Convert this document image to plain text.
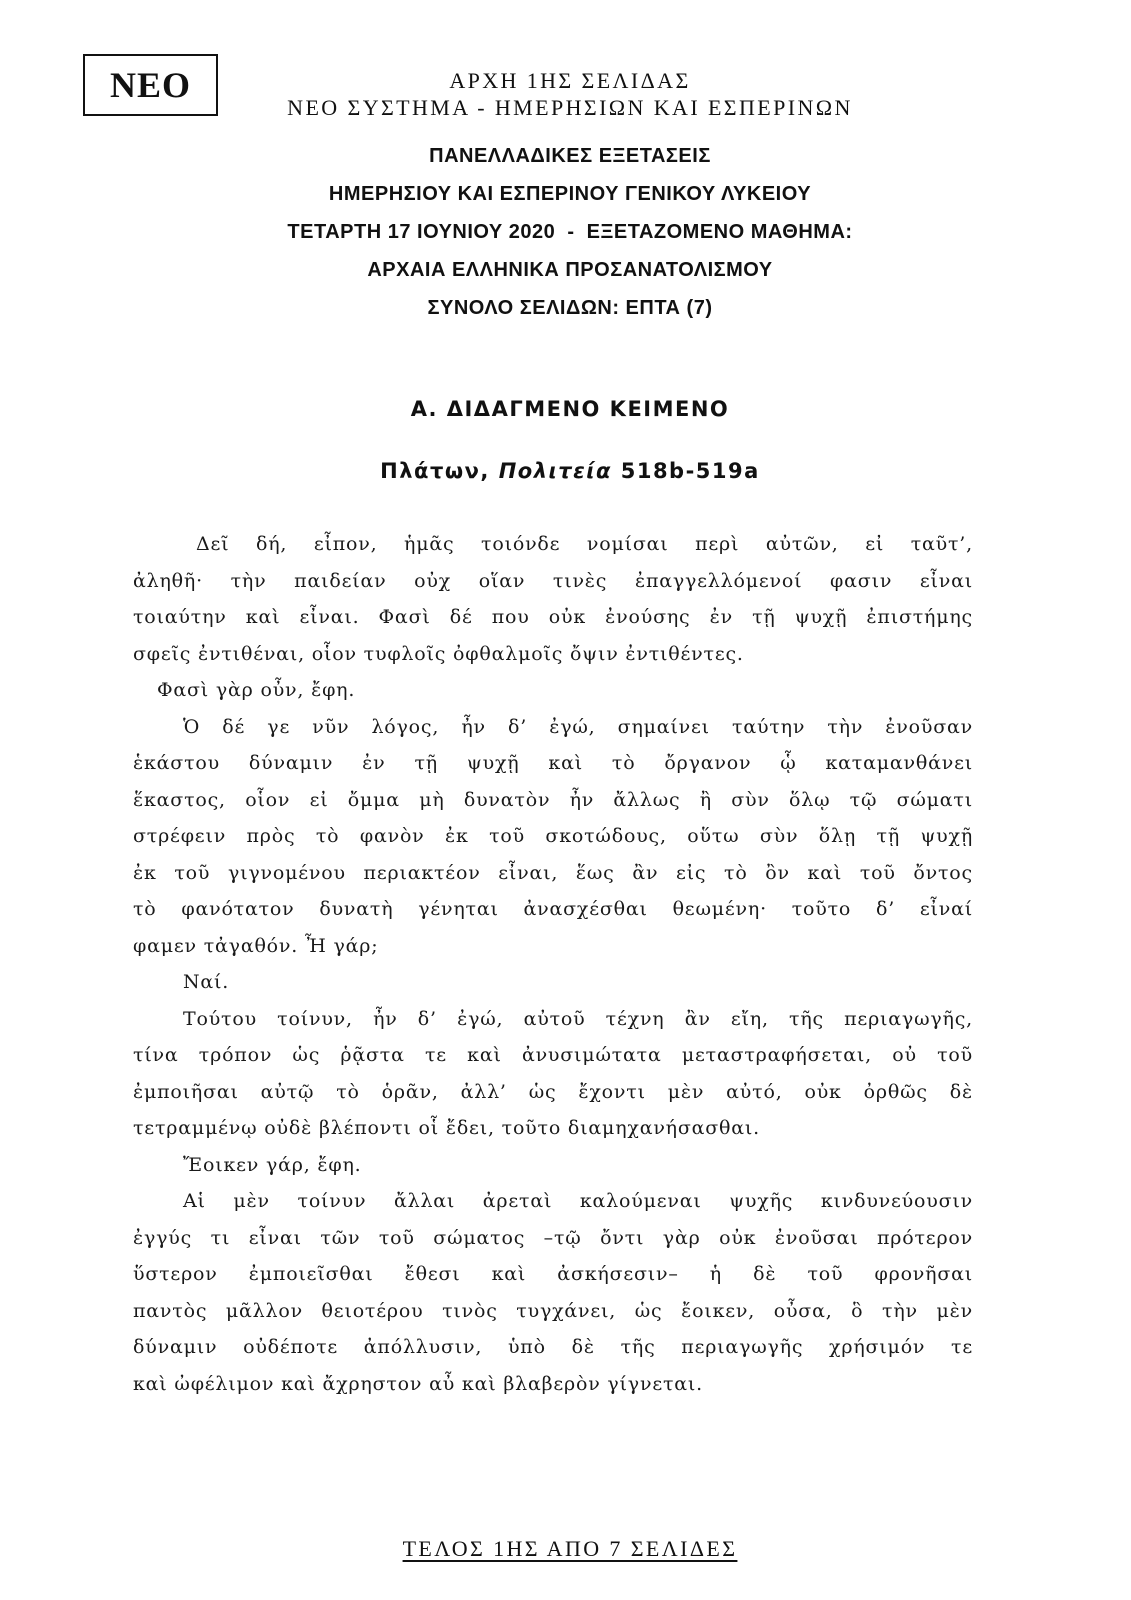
ΝΕΟ	ΑΡΧΗ 1ΗΣ ΣΕΛΙΔΑΣ
ΝΕΟ ΣΥΣΤΗΜΑ - ΗΜΕΡΗΣΙΩΝ ΚΑΙ ΕΣΠΕΡΙΝΩΝ
ΠΑΝΕΛΛΑΔΙΚΕΣ ΕΞΕΤΑΣΕΙΣ
ΗΜΕΡΗΣΙΟΥ ΚΑΙ ΕΣΠΕΡΙΝΟΥ ΓΕΝΙΚΟΥ ΛΥΚΕΙΟΥ
ΤΕΤΑΡΤΗ 17 ΙΟΥΝΙΟΥ 2020  -  ΕΞΕΤΑΖΟΜΕΝΟ ΜΑΘΗΜΑ:
ΑΡΧΑΙΑ ΕΛΛΗΝΙΚΑ ΠΡΟΣΑΝΑΤΟΛΙΣΜΟΥ
ΣΥΝΟΛΟ ΣΕΛΙΔΩΝ: ΕΠΤΑ (7)
Α. ΔΙΔΑΓΜΕΝΟ ΚΕΙΜΕΝΟ
Πλάτων, Πολιτεία 518b-519a
Δεῖ δή, εἶπον, ἡμᾶς τοιόνδε νομίσαι περὶ αὐτῶν, εἰ ταῦτ’,
ἀληθῆ· τὴν παιδείαν οὐχ οἵαν τινὲς ἐπαγγελλόμενοί φασιν εἶναι
τοιαύτην καὶ εἶναι. Φασὶ δέ που οὐκ ἐνούσης ἐν τῇ ψυχῇ ἐπιστήμης
σφεῖς ἐντιθέναι, οἷον τυφλοῖς ὀφθαλμοῖς ὄψιν ἐντιθέντες.
Φασὶ γὰρ οὖν, ἔφη.
Ὁ δέ γε νῦν λόγος, ἦν δ’ ἐγώ, σημαίνει ταύτην τὴν ἐνοῦσαν
ἑκάστου δύναμιν ἐν τῇ ψυχῇ καὶ τὸ ὄργανον ᾧ καταμανθάνει
ἕκαστος, οἷον εἰ ὄμμα μὴ δυνατὸν ἦν ἄλλως ἢ σὺν ὅλῳ τῷ σώματι
στρέφειν πρὸς τὸ φανὸν ἐκ τοῦ σκοτώδους, οὕτω σὺν ὅλῃ τῇ ψυχῇ
ἐκ τοῦ γιγνομένου περιακτέον εἶναι, ἕως ἂν εἰς τὸ ὂν καὶ τοῦ ὄντος
τὸ φανότατον δυνατὴ γένηται ἀνασχέσθαι θεωμένη· τοῦτο δ’ εἶναί
φαμεν τἀγαθόν. Ἦ γάρ;
Ναί.
Τούτου τοίνυν, ἦν δ’ ἐγώ, αὐτοῦ τέχνη ἂν εἴη, τῆς περιαγωγῆς,
τίνα τρόπον ὡς ῥᾷστα τε καὶ ἀνυσιμώτατα μεταστραφήσεται, οὐ τοῦ
ἐμποιῆσαι αὐτῷ τὸ ὁρᾶν, ἀλλ’ ὡς ἔχοντι μὲν αὐτό, οὐκ ὀρθῶς δὲ
τετραμμένῳ οὐδὲ βλέποντι οἷ ἔδει, τοῦτο διαμηχανήσασθαι.
Ἔοικεν γάρ, ἔφη.
Αἱ μὲν τοίνυν ἄλλαι ἀρεταὶ καλούμεναι ψυχῆς κινδυνεύουσιν
ἐγγύς τι εἶναι τῶν τοῦ σώματος –τῷ ὄντι γὰρ οὐκ ἐνοῦσαι πρότερον
ὕστερον ἐμποιεῖσθαι ἔθεσι καὶ ἀσκήσεσιν– ἡ δὲ τοῦ φρονῆσαι
παντὸς μᾶλλον θειοτέρου τινὸς τυγχάνει, ὡς ἔοικεν, οὖσα, ὃ τὴν μὲν
δύναμιν οὐδέποτε ἀπόλλυσιν, ὑπὸ δὲ τῆς περιαγωγῆς χρήσιμόν τε
καὶ ὠφέλιμον καὶ ἄχρηστον αὖ καὶ βλαβερὸν γίγνεται.
ΤΕΛΟΣ 1ΗΣ ΑΠΟ 7 ΣΕΛΙΔΕΣ
